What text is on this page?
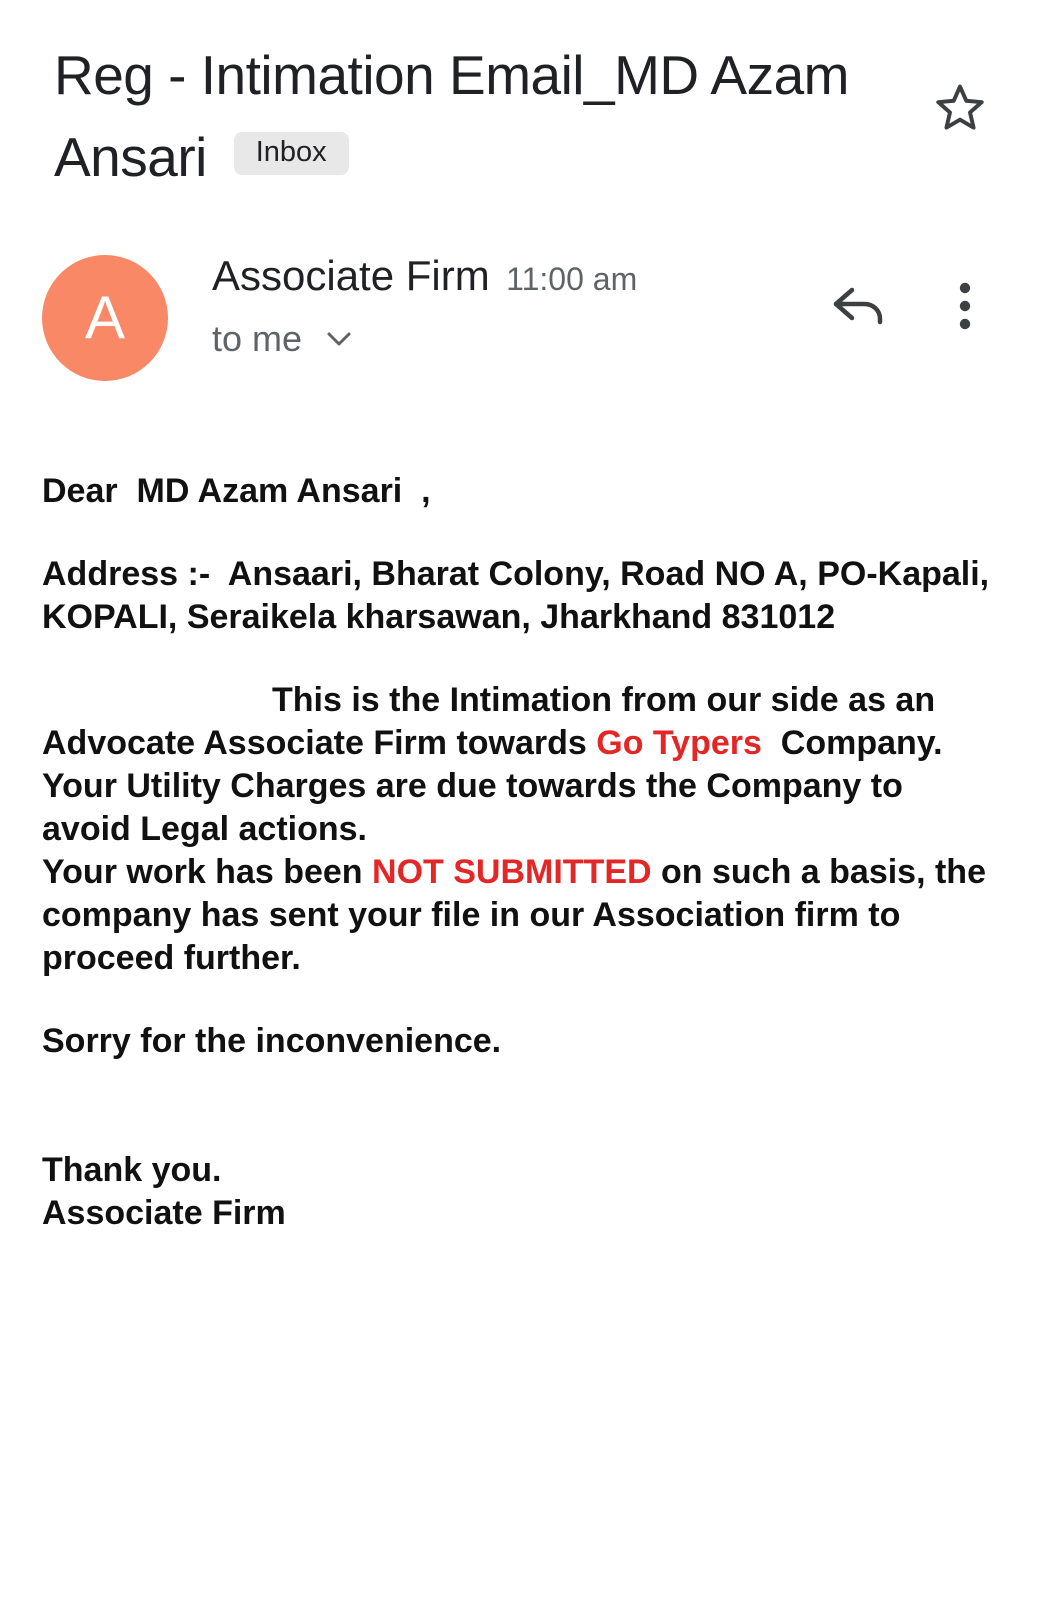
Reg - Intimation Email_MD Azam Ansari Inbox
A
Associate Firm 11:00 am
to me

Dear  MD Azam Ansari  ,

Address :- Ansaari, Bharat Colony, Road NO A, PO-Kapali, KOPALI, Seraikela kharsawan, Jharkhand 831012

This is the Intimation from our side as an Advocate Associate Firm towards Go Typers  Company. Your Utility Charges are due towards the Company to avoid Legal actions.

Your work has been NOT SUBMITTED on such a basis, the company has sent your file in our Association firm to proceed further.

Sorry for the inconvenience.

Thank you.

Associate Firm
